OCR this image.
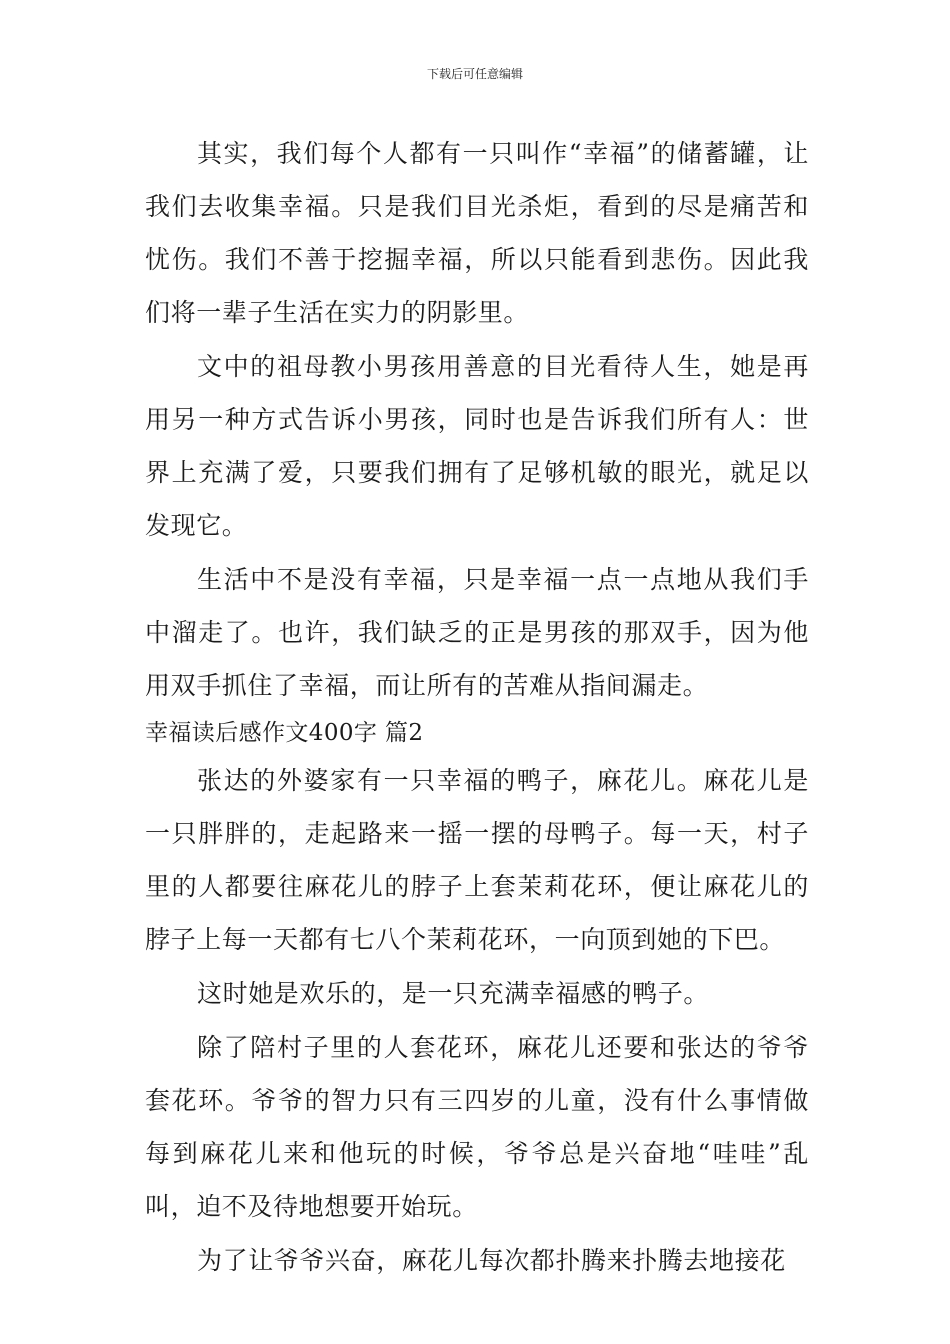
下载后可任意编辑

其实，我们每个人都有一只叫作“幸福”的储蓄罐，让我们去收集幸福。只是我们目光杀炬，看到的尽是痛苦和忧伤。我们不善于挖掘幸福，所以只能看到悲伤。因此我们将一辈子生活在实力的阴影里。

文中的祖母教小男孩用善意的目光看待人生，她是再用另一种方式告诉小男孩，同时也是告诉我们所有人：世界上充满了爱，只要我们拥有了足够机敏的眼光，就足以发现它。

生活中不是没有幸福，只是幸福一点一点地从我们手中溜走了。也许，我们缺乏的正是男孩的那双手，因为他用双手抓住了幸福，而让所有的苦难从指间漏走。

幸福读后感作文400字 篇2

张达的外婆家有一只幸福的鸭子，麻花儿。麻花儿是一只胖胖的，走起路来一摇一摆的母鸭子。每一天，村子里的人都要往麻花儿的脖子上套茉莉花环，便让麻花儿的脖子上每一天都有七八个茉莉花环，一向顶到她的下巴。

这时她是欢乐的，是一只充满幸福感的鸭子。

除了陪村子里的人套花环，麻花儿还要和张达的爷爷套花环。爷爷的智力只有三四岁的儿童，没有什么事情做每到麻花儿来和他玩的时候，爷爷总是兴奋地“哇哇”乱叫，迫不及待地想要开始玩。

为了让爷爷兴奋，麻花儿每次都扑腾来扑腾去地接花
